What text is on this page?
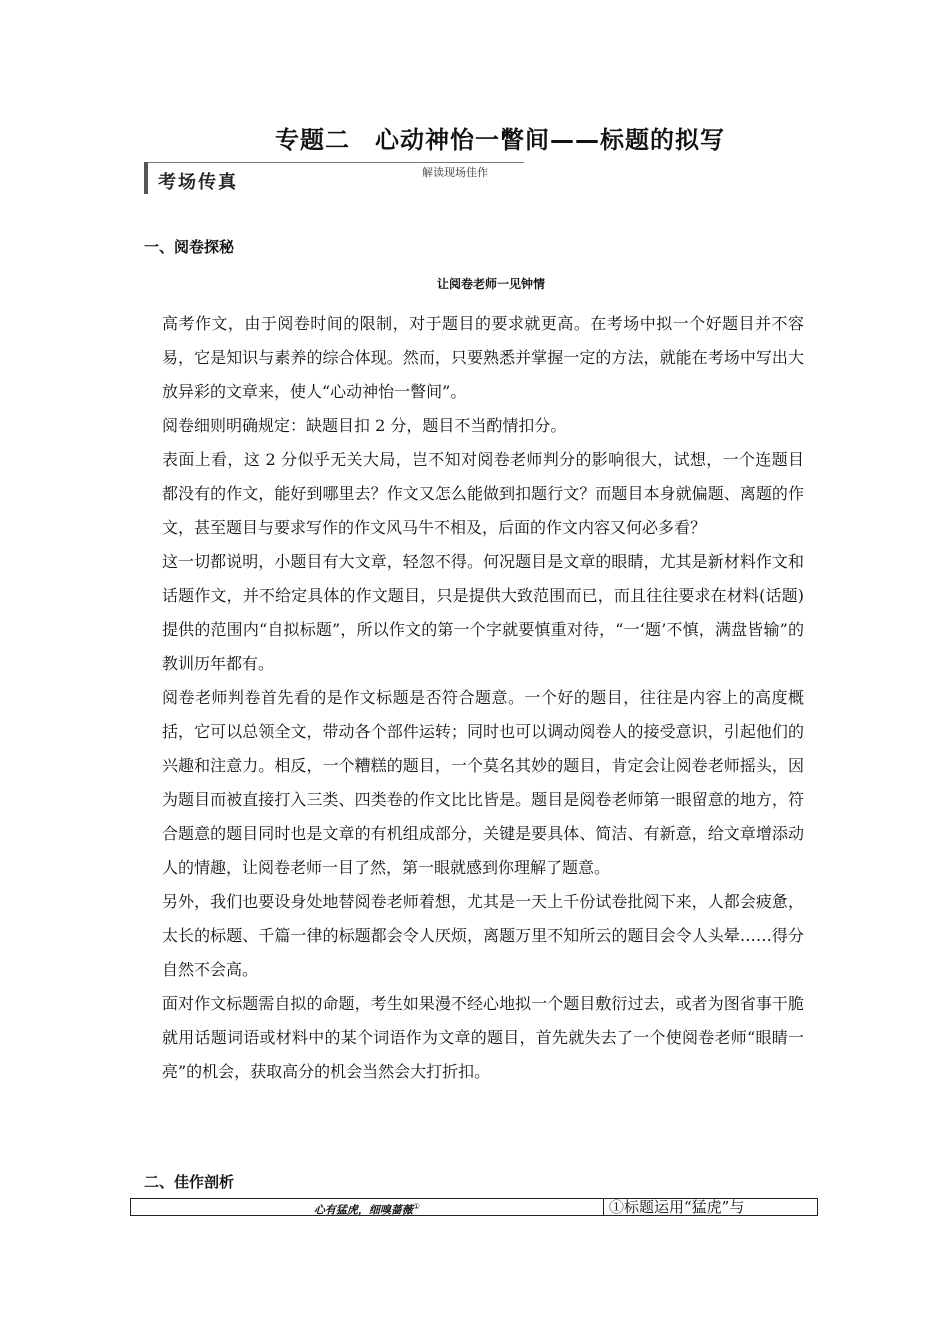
专题二　心动神怡一瞥间——标题的拟写
考场传真	解读现场佳作
一、阅卷探秘
让阅卷老师一见钟情

高考作文，由于阅卷时间的限制，对于题目的要求就更高。在考场中拟一个好题目并不容易，它是知识与素养的综合体现。然而，只要熟悉并掌握一定的方法，就能在考场中写出大放异彩的文章来，使人“心动神怡一瞥间”。

阅卷细则明确规定：缺题目扣 2 分，题目不当酌情扣分。

表面上看，这 2 分似乎无关大局，岂不知对阅卷老师判分的影响很大，试想，一个连题目都没有的作文，能好到哪里去？作文又怎么能做到扣题行文？而题目本身就偏题、离题的作文，甚至题目与要求写作的作文风马牛不相及，后面的作文内容又何必多看？

这一切都说明，小题目有大文章，轻忽不得。何况题目是文章的眼睛，尤其是新材料作文和话题作文，并不给定具体的作文题目，只是提供大致范围而已，而且往往要求在材料(话题)提供的范围内“自拟标题”，所以作文的第一个字就要慎重对待，“一‘题’不慎，满盘皆输”的教训历年都有。

阅卷老师判卷首先看的是作文标题是否符合题意。一个好的题目，往往是内容上的高度概括，它可以总领全文，带动各个部件运转；同时也可以调动阅卷人的接受意识，引起他们的兴趣和注意力。相反，一个糟糕的题目，一个莫名其妙的题目，肯定会让阅卷老师摇头，因为题目而被直接打入三类、四类卷的作文比比皆是。题目是阅卷老师第一眼留意的地方，符合题意的题目同时也是文章的有机组成部分，关键是要具体、简洁、有新意，给文章增添动人的情趣，让阅卷老师一目了然，第一眼就感到你理解了题意。

另外，我们也要设身处地替阅卷老师着想，尤其是一天上千份试卷批阅下来，人都会疲惫，太长的标题、千篇一律的标题都会令人厌烦，离题万里不知所云的题目会令人头晕……得分自然不会高。

面对作文标题需自拟的命题，考生如果漫不经心地拟一个题目敷衍过去，或者为图省事干脆就用话题词语或材料中的某个词语作为文章的题目，首先就失去了一个使阅卷老师“眼睛一亮”的机会，获取高分的机会当然会大打折扣。

二、佳作剖析
心有猛虎，细嗅蔷薇①	①标题运用“猛虎”与
